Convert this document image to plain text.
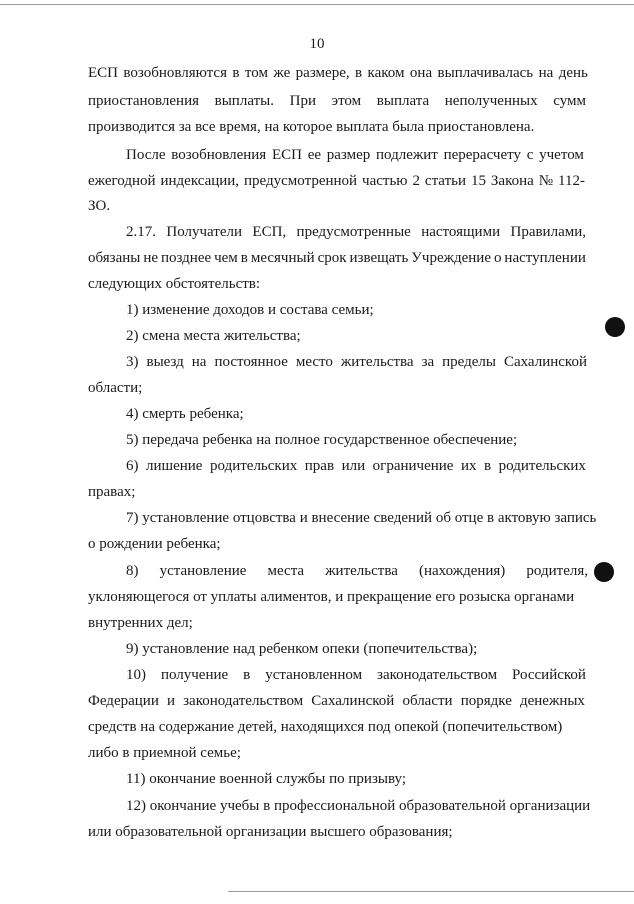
10
ЕСП возобновляются в том же размере, в каком она выплачивалась на день
приостановления выплаты. При этом выплата неполученных сумм
производится за все время, на которое выплата была приостановлена.
После возобновления ЕСП ее размер подлежит перерасчету с учетом
ежегодной индексации, предусмотренной частью 2 статьи 15 Закона № 112-
ЗО.
2.17. Получатели ЕСП, предусмотренные настоящими Правилами,
обязаны не позднее чем в месячный срок извещать Учреждение о наступлении
следующих обстоятельств:
1) изменение доходов и состава семьи;
2) смена места жительства;
3) выезд на постоянное место жительства за пределы Сахалинской
области;
4) смерть ребенка;
5) передача ребенка на полное государственное обеспечение;
6) лишение родительских прав или ограничение их в родительских
правах;
7) установление отцовства и внесение сведений об отце в актовую запись
о рождении ребенка;
8) установление места жительства (нахождения) родителя,
уклоняющегося от уплаты алиментов, и прекращение его розыска органами
внутренних дел;
9) установление над ребенком опеки (попечительства);
10) получение в установленном законодательством Российской
Федерации и законодательством Сахалинской области порядке денежных
средств на содержание детей, находящихся под опекой (попечительством)
либо в приемной семье;
11) окончание военной службы по призыву;
12) окончание учебы в профессиональной образовательной организации
или образовательной организации высшего образования;
